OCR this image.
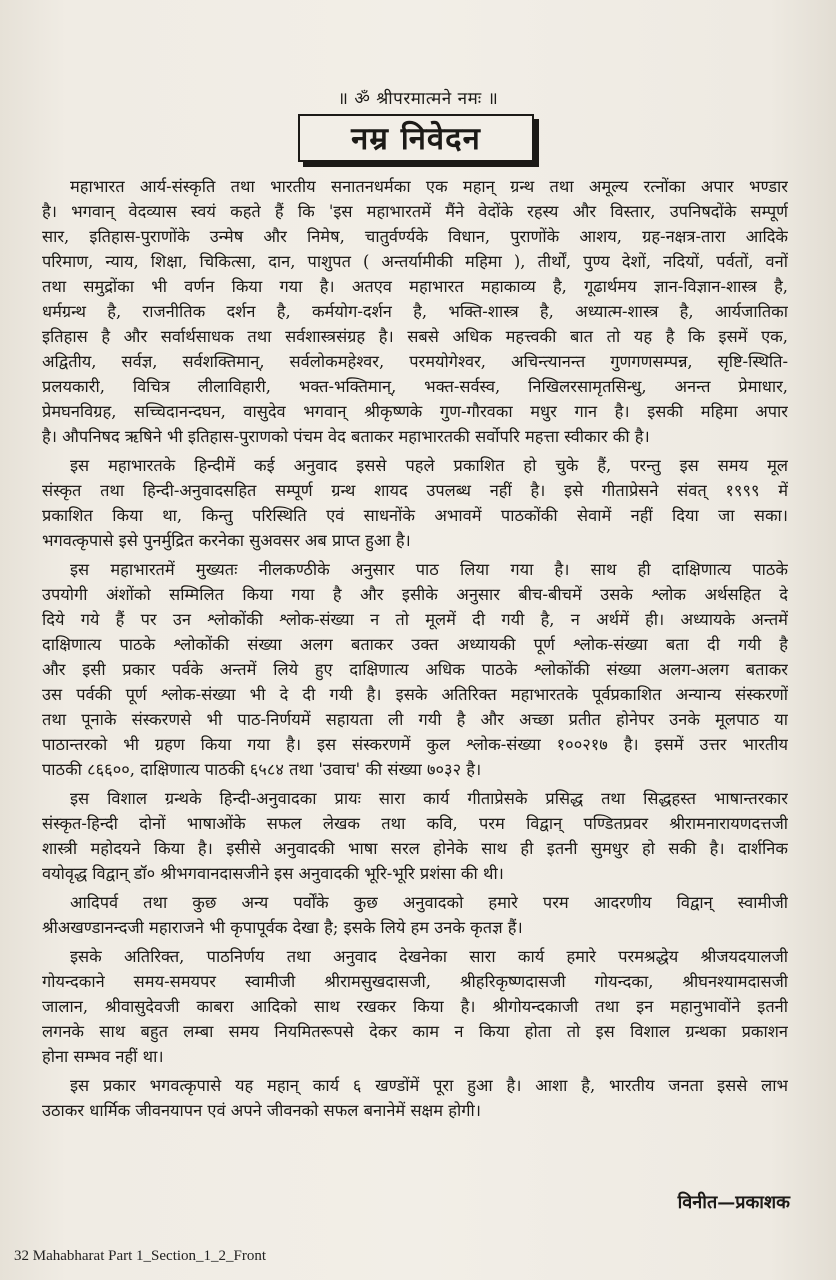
॥ ॐ श्रीपरमात्मने नमः ॥
नम्र निवेदन
महाभारत आर्य-संस्कृति तथा भारतीय सनातनधर्मका एक महान् ग्रन्थ तथा अमूल्य रत्नोंका अपार भण्डार
है। भगवान् वेदव्यास स्वयं कहते हैं कि 'इस महाभारतमें मैंने वेदोंके रहस्य और विस्तार, उपनिषदोंके सम्पूर्ण
सार, इतिहास-पुराणोंके उन्मेष और निमेष, चातुर्वर्ण्यके विधान, पुराणोंके आशय, ग्रह-नक्षत्र-तारा आदिके
परिमाण, न्याय, शिक्षा, चिकित्सा, दान, पाशुपत ( अन्तर्यामीकी महिमा ), तीर्थों, पुण्य देशों, नदियों, पर्वतों, वनों
तथा समुद्रोंका भी वर्णन किया गया है। अतएव महाभारत महाकाव्य है, गूढार्थमय ज्ञान-विज्ञान-शास्त्र है,
धर्मग्रन्थ है, राजनीतिक दर्शन है, कर्मयोग-दर्शन है, भक्ति-शास्त्र है, अध्यात्म-शास्त्र है, आर्यजातिका
इतिहास है और सर्वार्थसाधक तथा सर्वशास्त्रसंग्रह है। सबसे अधिक महत्त्वकी बात तो यह है कि इसमें एक,
अद्वितीय, सर्वज्ञ, सर्वशक्तिमान्, सर्वलोकमहेश्वर, परमयोगेश्वर, अचिन्त्यानन्त गुणगणसम्पन्न, सृष्टि-स्थिति-
प्रलयकारी, विचित्र लीलाविहारी, भक्त-भक्तिमान्, भक्त-सर्वस्व, निखिलरसामृतसिन्धु, अनन्त प्रेमाधार,
प्रेमघनविग्रह, सच्चिदानन्दघन, वासुदेव भगवान् श्रीकृष्णके गुण-गौरवका मधुर गान है। इसकी महिमा अपार
है। औपनिषद ऋषिने भी इतिहास-पुराणको पंचम वेद बताकर महाभारतकी सर्वोपरि महत्ता स्वीकार की है।
इस महाभारतके हिन्दीमें कई अनुवाद इससे पहले प्रकाशित हो चुके हैं, परन्तु इस समय मूल
संस्कृत तथा हिन्दी-अनुवादसहित सम्पूर्ण ग्रन्थ शायद उपलब्ध नहीं है। इसे गीताप्रेसने संवत् १९९९ में
प्रकाशित किया था, किन्तु परिस्थिति एवं साधनोंके अभावमें पाठकोंकी सेवामें नहीं दिया जा सका।
भगवत्कृपासे इसे पुनर्मुद्रित करनेका सुअवसर अब प्राप्त हुआ है।
इस महाभारतमें मुख्यतः नीलकण्ठीके अनुसार पाठ लिया गया है। साथ ही दाक्षिणात्य पाठके
उपयोगी अंशोंको सम्मिलित किया गया है और इसीके अनुसार बीच-बीचमें उसके श्लोक अर्थसहित दे
दिये गये हैं पर उन श्लोकोंकी श्लोक-संख्या न तो मूलमें दी गयी है, न अर्थमें ही। अध्यायके अन्तमें
दाक्षिणात्य पाठके श्लोकोंकी संख्या अलग बताकर उक्त अध्यायकी पूर्ण श्लोक-संख्या बता दी गयी है
और इसी प्रकार पर्वके अन्तमें लिये हुए दाक्षिणात्य अधिक पाठके श्लोकोंकी संख्या अलग-अलग बताकर
उस पर्वकी पूर्ण श्लोक-संख्या भी दे दी गयी है। इसके अतिरिक्त महाभारतके पूर्वप्रकाशित अन्यान्य संस्करणों
तथा पूनाके संस्करणसे भी पाठ-निर्णयमें सहायता ली गयी है और अच्छा प्रतीत होनेपर उनके मूलपाठ या
पाठान्तरको भी ग्रहण किया गया है। इस संस्करणमें कुल श्लोक-संख्या १००२१७ है। इसमें उत्तर भारतीय
पाठकी ८६६००, दाक्षिणात्य पाठकी ६५८४ तथा 'उवाच' की संख्या ७०३२ है।
इस विशाल ग्रन्थके हिन्दी-अनुवादका प्रायः सारा कार्य गीताप्रेसके प्रसिद्ध तथा सिद्धहस्त भाषान्तरकार
संस्कृत-हिन्दी दोनों भाषाओंके सफल लेखक तथा कवि, परम विद्वान् पण्डितप्रवर श्रीरामनारायणदत्तजी
शास्त्री महोदयने किया है। इसीसे अनुवादकी भाषा सरल होनेके साथ ही इतनी सुमधुर हो सकी है। दार्शनिक
वयोवृद्ध विद्वान् डॉ० श्रीभगवानदासजीने इस अनुवादकी भूरि-भूरि प्रशंसा की थी।
आदिपर्व तथा कुछ अन्य पर्वोंके कुछ अनुवादको हमारे परम आदरणीय विद्वान् स्वामीजी
श्रीअखण्डानन्दजी महाराजने भी कृपापूर्वक देखा है; इसके लिये हम उनके कृतज्ञ हैं।
इसके अतिरिक्त, पाठनिर्णय तथा अनुवाद देखनेका सारा कार्य हमारे परमश्रद्धेय श्रीजयदयालजी
गोयन्दकाने समय-समयपर स्वामीजी श्रीरामसुखदासजी, श्रीहरिकृष्णदासजी गोयन्दका, श्रीघनश्यामदासजी
जालान, श्रीवासुदेवजी काबरा आदिको साथ रखकर किया है। श्रीगोयन्दकाजी तथा इन महानुभावोंने इतनी
लगनके साथ बहुत लम्बा समय नियमितरूपसे देकर काम न किया होता तो इस विशाल ग्रन्थका प्रकाशन
होना सम्भव नहीं था।
इस प्रकार भगवत्कृपासे यह महान् कार्य ६ खण्डोंमें पूरा हुआ है। आशा है, भारतीय जनता इससे लाभ
उठाकर धार्मिक जीवनयापन एवं अपने जीवनको सफल बनानेमें सक्षम होगी।
विनीत—प्रकाशक
32 Mahabharat Part 1_Section_1_2_Front
